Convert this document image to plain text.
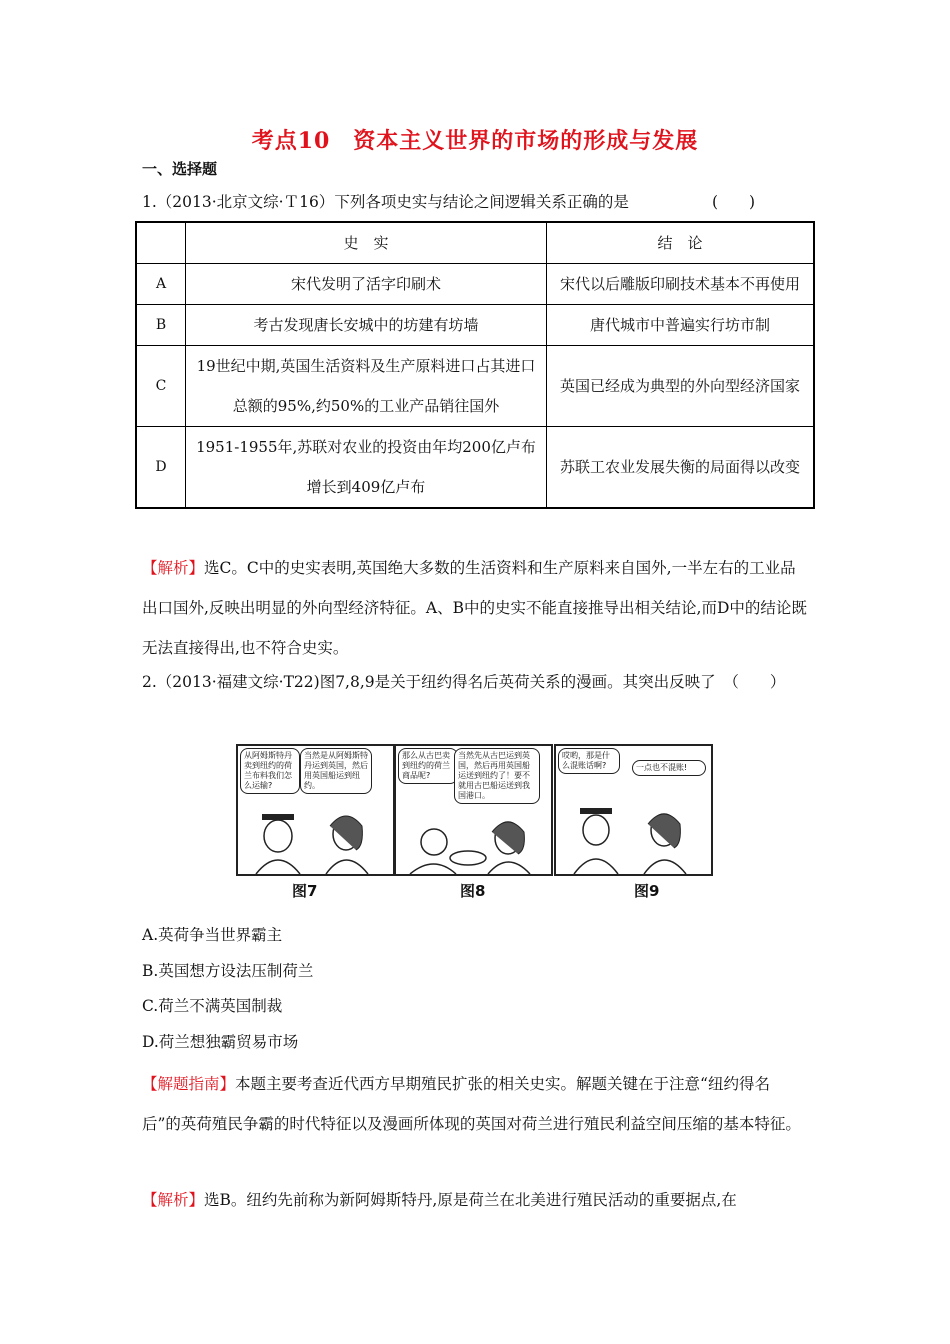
考点10　资本主义世界的市场的形成与发展
一、选择题
1.（2013·北京文综·Ｔ16）下列各项史实与结论之间逻辑关系正确的是	(　　)
	史　实	结　论
A	宋代发明了活字印刷术	宋代以后雕版印刷技术基本不再使用
B	考古发现唐长安城中的坊建有坊墙	唐代城市中普遍实行坊市制
C	19世纪中期,英国生活资料及生产原料进口占其进口总额的95%,约50%的工业产品销往国外	英国已经成为典型的外向型经济国家
D	1951-1955年,苏联对农业的投资由年均200亿卢布增长到409亿卢布	苏联工农业发展失衡的局面得以改变
【解析】选C。C中的史实表明,英国绝大多数的生活资料和生产原料来自国外,一半左右的工业品出口国外,反映出明显的外向型经济特征。A、B中的史实不能直接推导出相关结论,而D中的结论既无法直接得出,也不符合史实。
2.（2013·福建文综·T22)图7,8,9是关于纽约得名后英荷关系的漫画。其突出反映了　（　　）
从阿姆斯特丹卖到纽约的荷兰布料我们怎么运输?
当然是从阿姆斯特丹运到英国，然后用英国船运到纽约。
那么从古巴卖到纽约的荷兰商品呢?
当然先从古巴运到英国，然后再用英国船运送到纽约了！要不就用古巴船运送到我国港口。
哎哟，那是什么混账话啊?	一点也不混账!
图7	图8	图9
A.英荷争当世界霸主
B.英国想方设法压制荷兰
C.荷兰不满英国制裁
D.荷兰想独霸贸易市场
【解题指南】本题主要考查近代西方早期殖民扩张的相关史实。解题关键在于注意“纽约得名后”的英荷殖民争霸的时代特征以及漫画所体现的英国对荷兰进行殖民利益空间压缩的基本特征。
【解析】选B。纽约先前称为新阿姆斯特丹,原是荷兰在北美进行殖民活动的重要据点,在
